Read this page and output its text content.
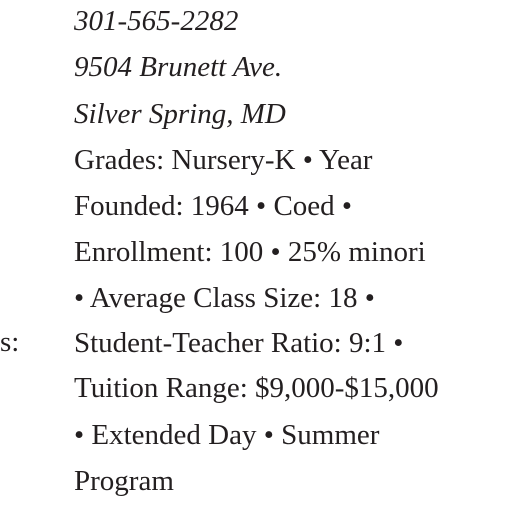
s:
301-565-2282
9504 Brunett Ave.
Silver Spring, MD
Grades: Nursery-K • Year
Founded: 1964 • Coed •
Enrollment: 100 • 25% minori
• Average Class Size: 18 •
Student-Teacher Ratio: 9:1 •
Tuition Range: $9,000-$15,000
• Extended Day • Summer
Program
